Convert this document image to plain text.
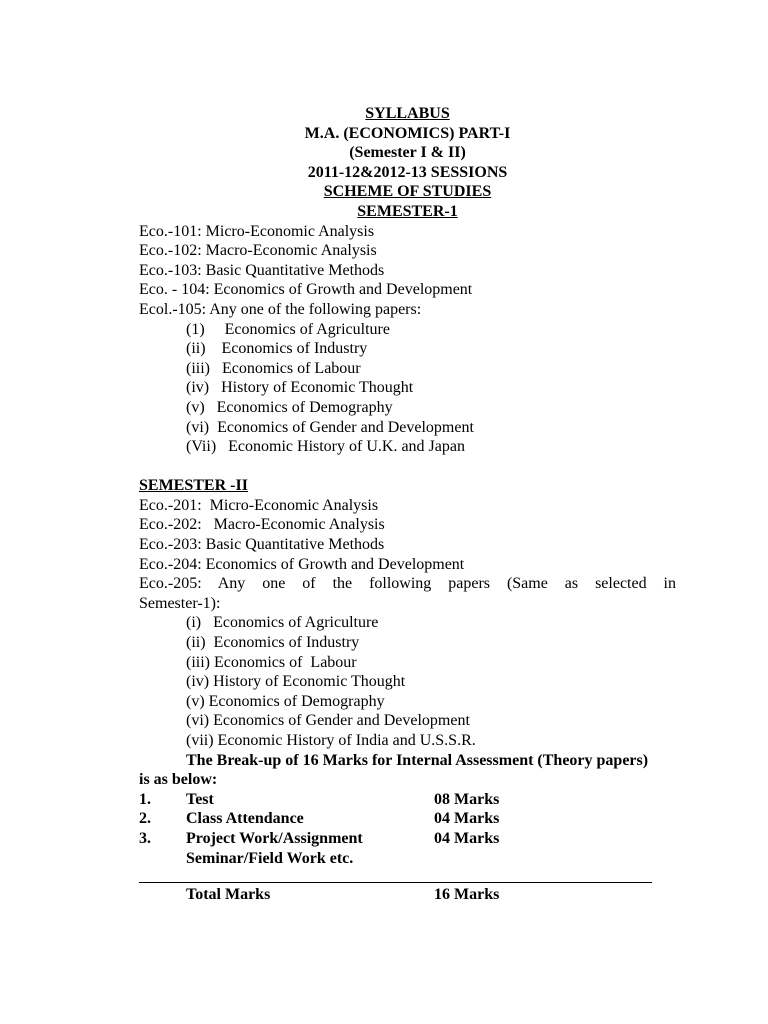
SYLLABUS
M.A. (ECONOMICS) PART-I
(Semester I & II)
2011-12&2012-13 SESSIONS
SCHEME OF STUDIES
SEMESTER-1
Eco.-101: Micro-Economic Analysis
Eco.-102: Macro-Economic Analysis
Eco.-103: Basic Quantitative Methods
Eco. - 104: Economics of Growth and Development
Ecol.-105: Any one of the following papers:
(1)     Economics of Agriculture
(ii)    Economics of Industry
(iii)   Economics of Labour
(iv)   History of Economic Thought
(v)   Economics of Demography
(vi)  Economics of Gender and Development
(Vii)   Economic History of U.K. and Japan
SEMESTER -II
Eco.-201:  Micro-Economic Analysis
Eco.-202:   Macro-Economic Analysis
Eco.-203: Basic Quantitative Methods
Eco.-204: Economics of Growth and Development
Eco.-205: Any one of the following papers (Same as selected in
Semester-1):
(i)   Economics of Agriculture
(ii)  Economics of Industry
(iii) Economics of  Labour
(iv) History of Economic Thought
(v) Economics of Demography
(vi) Economics of Gender and Development
(vii) Economic History of India and U.S.S.R.
The Break-up of 16 Marks for Internal Assessment (Theory papers)
is as below:
1.	Test	08 Marks
2.	Class Attendance	04 Marks
3.	Project Work/Assignment	04 Marks
Seminar/Field Work etc.
Total Marks	16 Marks
